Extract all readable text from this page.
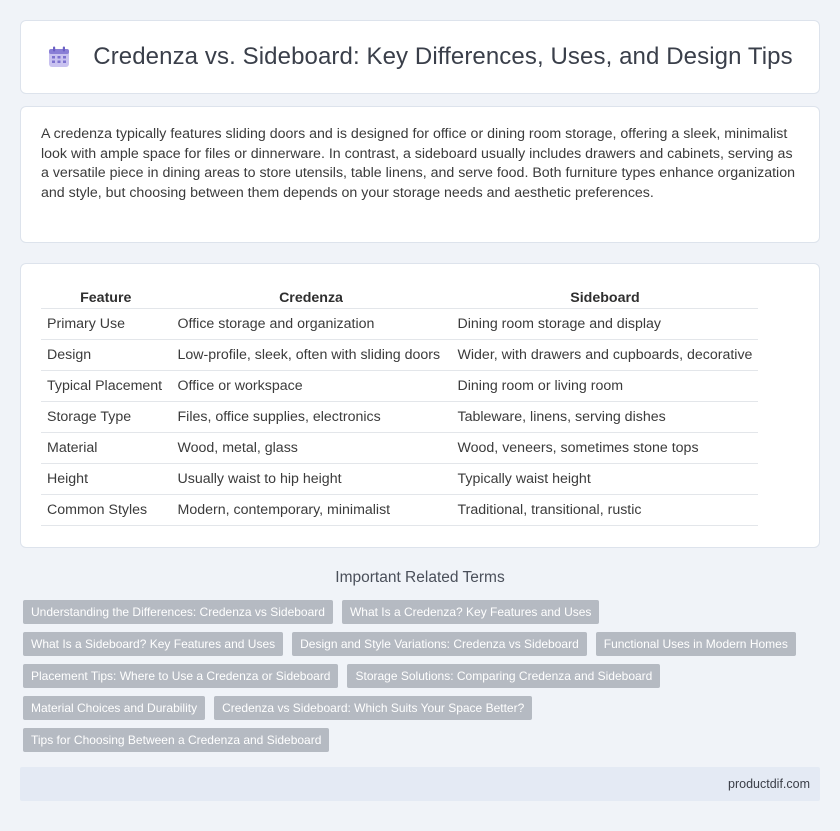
Credenza vs. Sideboard: Key Differences, Uses, and Design Tips

A credenza typically features sliding doors and is designed for office or dining room storage, offering a sleek, minimalist look with ample space for files or dinnerware. In contrast, a sideboard usually includes drawers and cabinets, serving as a versatile piece in dining areas to store utensils, table linens, and serve food. Both furniture types enhance organization and style, but choosing between them depends on your storage needs and aesthetic preferences.

Feature	Credenza	Sideboard
Primary Use	Office storage and organization	Dining room storage and display
Design	Low-profile, sleek, often with sliding doors	Wider, with drawers and cupboards, decorative
Typical Placement	Office or workspace	Dining room or living room
Storage Type	Files, office supplies, electronics	Tableware, linens, serving dishes
Material	Wood, metal, glass	Wood, veneers, sometimes stone tops
Height	Usually waist to hip height	Typically waist height
Common Styles	Modern, contemporary, minimalist	Traditional, transitional, rustic
Important Related Terms
Understanding the Differences: Credenza vs Sideboard	What Is a Credenza? Key Features and Uses
What Is a Sideboard? Key Features and Uses	Design and Style Variations: Credenza vs Sideboard	Functional Uses in Modern Homes
Placement Tips: Where to Use a Credenza or Sideboard	Storage Solutions: Comparing Credenza and Sideboard
Material Choices and Durability	Credenza vs Sideboard: Which Suits Your Space Better?
Tips for Choosing Between a Credenza and Sideboard
productdif.com
